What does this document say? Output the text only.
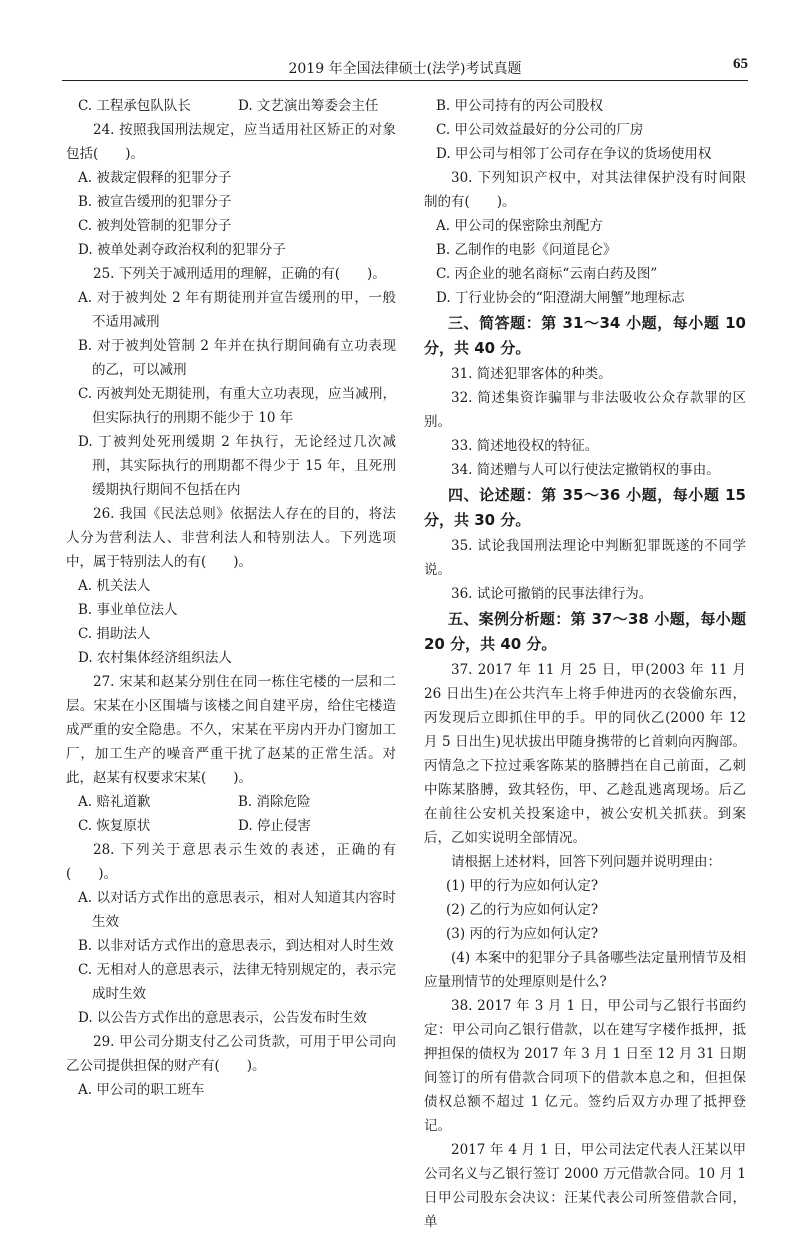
2019 年全国法律硕士(法学)考试真题	65
C. 工程承包队队长	D. 文艺演出筹委会主任

24. 按照我国刑法规定，应当适用社区矫正的对象包括(　　)。

A. 被裁定假释的犯罪分子

B. 被宣告缓刑的犯罪分子

C. 被判处管制的犯罪分子

D. 被单处剥夺政治权利的犯罪分子

25. 下列关于减刑适用的理解，正确的有(　　)。

A. 对于被判处 2 年有期徒刑并宣告缓刑的甲，一般不适用减刑

B. 对于被判处管制 2 年并在执行期间确有立功表现的乙，可以减刑

C. 丙被判处无期徒刑，有重大立功表现，应当减刑，但实际执行的刑期不能少于 10 年

D. 丁被判处死刑缓期 2 年执行，无论经过几次减刑，其实际执行的刑期都不得少于 15 年，且死刑缓期执行期间不包括在内

26. 我国《民法总则》依据法人存在的目的，将法人分为营利法人、非营利法人和特别法人。下列选项中，属于特别法人的有(　　)。

A. 机关法人

B. 事业单位法人

C. 捐助法人

D. 农村集体经济组织法人

27. 宋某和赵某分别住在同一栋住宅楼的一层和二层。宋某在小区围墙与该楼之间自建平房，给住宅楼造成严重的安全隐患。不久，宋某在平房内开办门窗加工厂，加工生产的噪音严重干扰了赵某的正常生活。对此，赵某有权要求宋某(　　)。

A. 赔礼道歉	B. 消除危险
C. 恢复原状	D. 停止侵害

28. 下列关于意思表示生效的表述，正确的有(　　)。

A. 以对话方式作出的意思表示，相对人知道其内容时生效

B. 以非对话方式作出的意思表示，到达相对人时生效

C. 无相对人的意思表示，法律无特别规定的，表示完成时生效

D. 以公告方式作出的意思表示，公告发布时生效

29. 甲公司分期支付乙公司货款，可用于甲公司向乙公司提供担保的财产有(　　)。

A. 甲公司的职工班车

B. 甲公司持有的丙公司股权

C. 甲公司效益最好的分公司的厂房

D. 甲公司与相邻丁公司存在争议的货场使用权

30. 下列知识产权中，对其法律保护没有时间限制的有(　　)。

A. 甲公司的保密除虫剂配方

B. 乙制作的电影《问道昆仑》

C. 丙企业的驰名商标“云南白药及图”

D. 丁行业协会的“阳澄湖大闸蟹”地理标志

三、简答题：第 31～34 小题，每小题 10 分，共 40 分。

31. 简述犯罪客体的种类。

32. 简述集资诈骗罪与非法吸收公众存款罪的区别。

33. 简述地役权的特征。

34. 简述赠与人可以行使法定撤销权的事由。

四、论述题：第 35～36 小题，每小题 15 分，共 30 分。

35. 试论我国刑法理论中判断犯罪既遂的不同学说。

36. 试论可撤销的民事法律行为。

五、案例分析题：第 37～38 小题，每小题 20 分，共 40 分。

37. 2017 年 11 月 25 日，甲(2003 年 11 月 26 日出生)在公共汽车上将手伸进丙的衣袋偷东西，丙发现后立即抓住甲的手。甲的同伙乙(2000 年 12 月 5 日出生)见状拔出甲随身携带的匕首刺向丙胸部。丙情急之下拉过乘客陈某的胳膊挡在自己前面，乙刺中陈某胳膊，致其轻伤，甲、乙趁乱逃离现场。后乙在前往公安机关投案途中，被公安机关抓获。到案后，乙如实说明全部情况。

请根据上述材料，回答下列问题并说明理由：

(1) 甲的行为应如何认定?

(2) 乙的行为应如何认定?

(3) 丙的行为应如何认定?

(4) 本案中的犯罪分子具备哪些法定量刑情节及相应量刑情节的处理原则是什么?

38. 2017 年 3 月 1 日，甲公司与乙银行书面约定：甲公司向乙银行借款，以在建写字楼作抵押，抵押担保的债权为 2017 年 3 月 1 日至 12 月 31 日期间签订的所有借款合同项下的借款本息之和，但担保债权总额不超过 1 亿元。签约后双方办理了抵押登记。

2017 年 4 月 1 日，甲公司法定代表人汪某以甲公司名义与乙银行签订 2000 万元借款合同。10 月 1 日甲公司股东会决议：汪某代表公司所签借款合同，单
